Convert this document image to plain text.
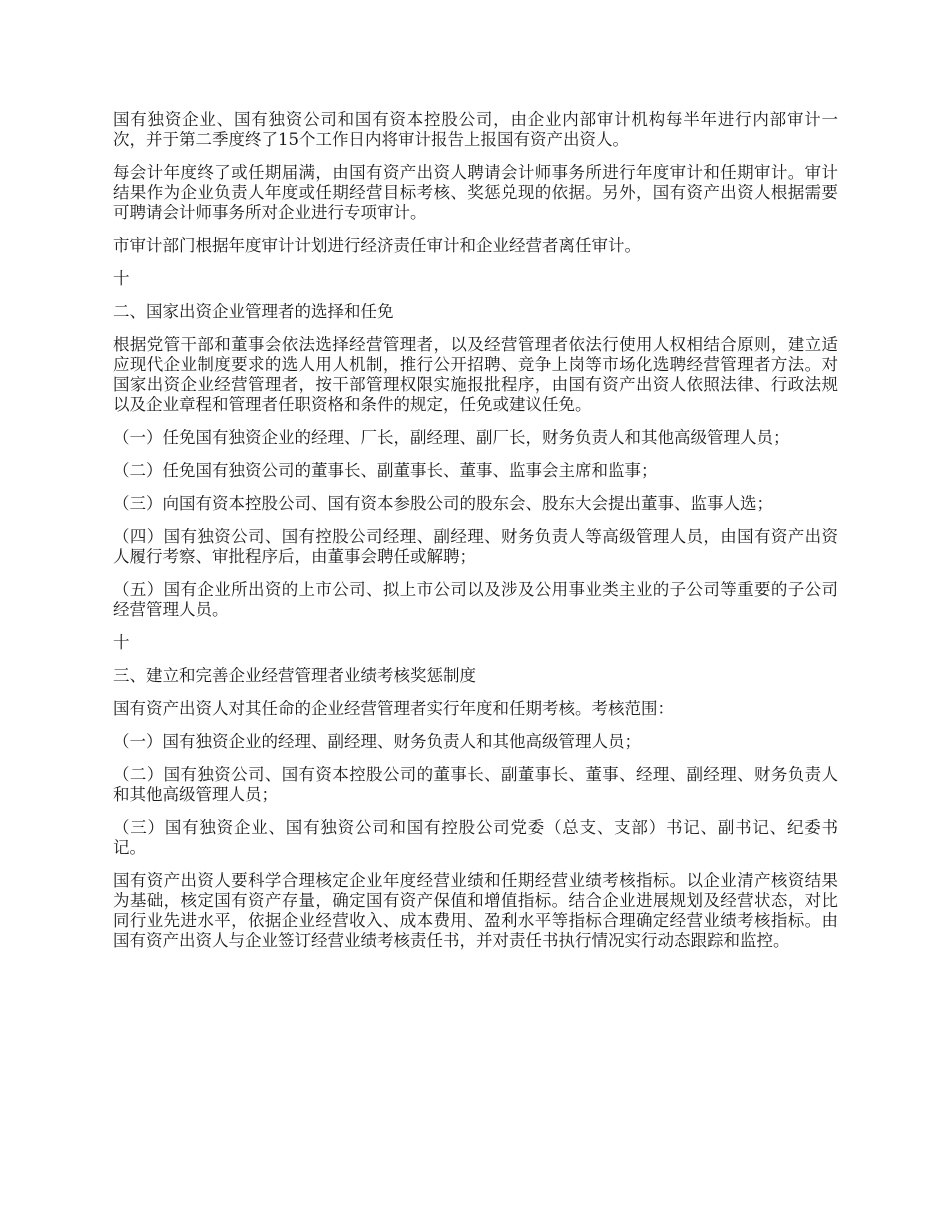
国有独资企业、国有独资公司和国有资本控股公司，由企业内部审计机构每半年进行内部审计一次，并于第二季度终了15个工作日内将审计报告上报国有资产出资人。

每会计年度终了或任期届满，由国有资产出资人聘请会计师事务所进行年度审计和任期审计。审计结果作为企业负责人年度或任期经营目标考核、奖惩兑现的依据。另外，国有资产出资人根据需要可聘请会计师事务所对企业进行专项审计。

市审计部门根据年度审计计划进行经济责任审计和企业经营者离任审计。

十

二、国家出资企业管理者的选择和任免

根据党管干部和董事会依法选择经营管理者，以及经营管理者依法行使用人权相结合原则，建立适应现代企业制度要求的选人用人机制，推行公开招聘、竞争上岗等市场化选聘经营管理者方法。对国家出资企业经营管理者，按干部管理权限实施报批程序，由国有资产出资人依照法律、行政法规以及企业章程和管理者任职资格和条件的规定，任免或建议任免。

（一）任免国有独资企业的经理、厂长，副经理、副厂长，财务负责人和其他高级管理人员；

（二）任免国有独资公司的董事长、副董事长、董事、监事会主席和监事；

（三）向国有资本控股公司、国有资本参股公司的股东会、股东大会提出董事、监事人选；

（四）国有独资公司、国有控股公司经理、副经理、财务负责人等高级管理人员，由国有资产出资人履行考察、审批程序后，由董事会聘任或解聘；

（五）国有企业所出资的上市公司、拟上市公司以及涉及公用事业类主业的子公司等重要的子公司经营管理人员。

十

三、建立和完善企业经营管理者业绩考核奖惩制度

国有资产出资人对其任命的企业经营管理者实行年度和任期考核。考核范围：

（一）国有独资企业的经理、副经理、财务负责人和其他高级管理人员；

（二）国有独资公司、国有资本控股公司的董事长、副董事长、董事、经理、副经理、财务负责人和其他高级管理人员；

（三）国有独资企业、国有独资公司和国有控股公司党委（总支、支部）书记、副书记、纪委书记。

国有资产出资人要科学合理核定企业年度经营业绩和任期经营业绩考核指标。以企业清产核资结果为基础，核定国有资产存量，确定国有资产保值和增值指标。结合企业进展规划及经营状态，对比同行业先进水平，依据企业经营收入、成本费用、盈利水平等指标合理确定经营业绩考核指标。由国有资产出资人与企业签订经营业绩考核责任书，并对责任书执行情况实行动态跟踪和监控。
